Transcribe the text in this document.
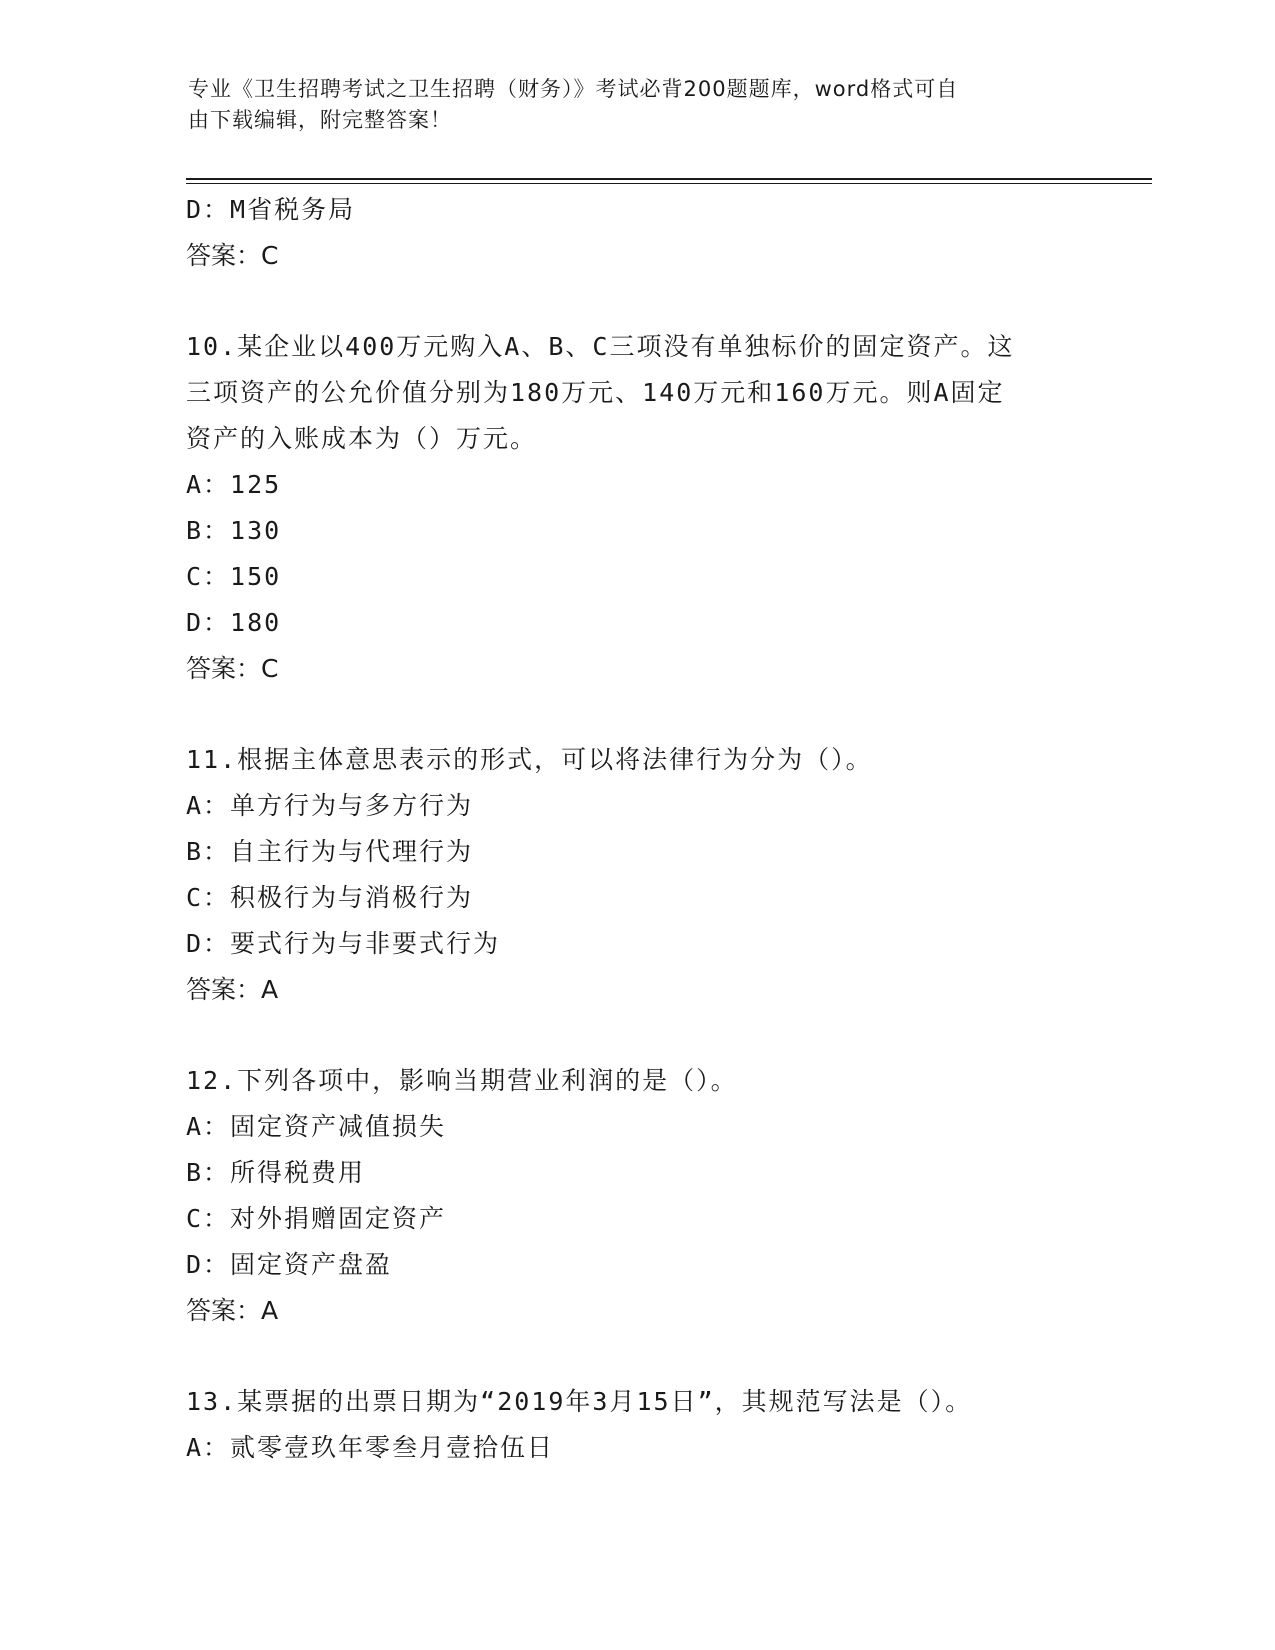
专业《卫生招聘考试之卫生招聘（财务）》考试必背200题题库，word格式可自
由下载编辑，附完整答案！
D：M省税务局
答案：C
10.某企业以400万元购入A、B、C三项没有单独标价的固定资产。这
三项资产的公允价值分别为180万元、140万元和160万元。则A固定
资产的入账成本为（）万元。
A：125
B：130
C：150
D：180
答案：C
11.根据主体意思表示的形式，可以将法律行为分为（）。
A：单方行为与多方行为
B：自主行为与代理行为
C：积极行为与消极行为
D：要式行为与非要式行为
答案：A
12.下列各项中，影响当期营业利润的是（）。
A：固定资产减值损失
B：所得税费用
C：对外捐赠固定资产
D：固定资产盘盈
答案：A
13.某票据的出票日期为“2019年3月15日”，其规范写法是（）。
A：贰零壹玖年零叁月壹拾伍日
